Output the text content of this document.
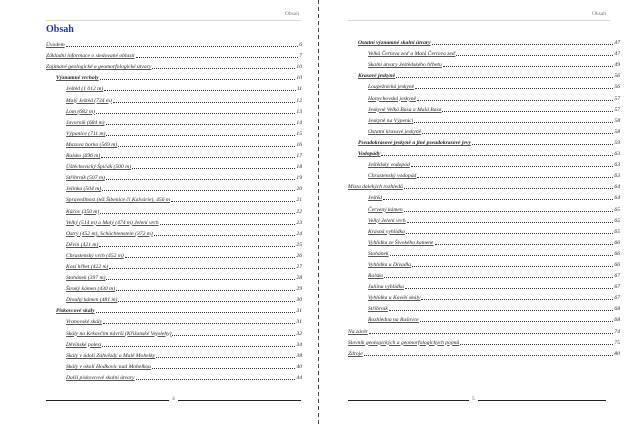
Obsah
Obsah
Úvodem	6
Základní informace o sledované oblasti	7
Zajímavé geologické a geomorfologické útvary	10
Významné vrcholy	10
Ještěd (1 012 m)	11
Malý Ještěd (734 m)	12
Lom (682 m)	13
Javorník (684 m)	14
Výpanice (711 m)	15
Mazova horka (569 m)	16
Ralsko (696 m)	17
Úštěchovický Špičák (500 m)	18
Stříbrník (507 m)	19
Jelínka (504 m)	20
Spravedlnost (též Šibenice či Kalvárie), 456 m	21
Káčov (350 m)	22
Velký (514 m) a Malý (474 m) Jelení vrch	23
Ostrý (452 m), Schächtenstein (372 m)	24
Děvín (421 m)	25
Chrastenský vrch (452 m)	26
Kozí hřbet (422 m)	27
Stohánek (397 m)	28
Široký kámen (430 m)	29
Dlouhý kámen (481 m)	30
Pískovcové skály	31
Vranovské skály	31
Skály na Krkavčím návrší (Křižanské Vejolehy)	32
Děvínské polesí	34
Skály v údolí Záhvězdy a Malé Mohelky	38
Skály v okolí Hodkovic nad Mohelkou	40
Další pískovcové skalní útvary	44
4
Obsah
Ostatní významné skalní útvary	47
Velká Čertova zeď a Malá Čertova zeď	47
Skalní útvary Ještědského hřbetu	49
Krasové jeskyně	56
Loupežnická jeskyně	56
Hanychovská jeskyně	57
Jeskyně Velká Basa a Malá Basa	57
Jeskyně na Výpenici	58
Ostatní krasové jeskyně	58
Pseudokrasové jeskyně a jiné pseudokrasové jevy	59
Vodopády	63
Ještědský vodopád	63
Chrastenský vodopád	63
Místa dalekých rozhledů	64
Ještěd	64
Červený kámen	65
Velký Jelení vrch	65
Krásná vyhlídka	65
Vyhlídka ze Šivokého kamene	66
Stohánek	66
Vyhlídka u Divadla	66
Ralsko	67
Juliina vyhlídka	67
Vyhlídka u Kaviěí skály	67
Stříbrník	68
Rozhledna na Rašovce	68
Na závěr	74
Slovník geologických a geomorfologických pojmů	75
Zdroje	80
5
